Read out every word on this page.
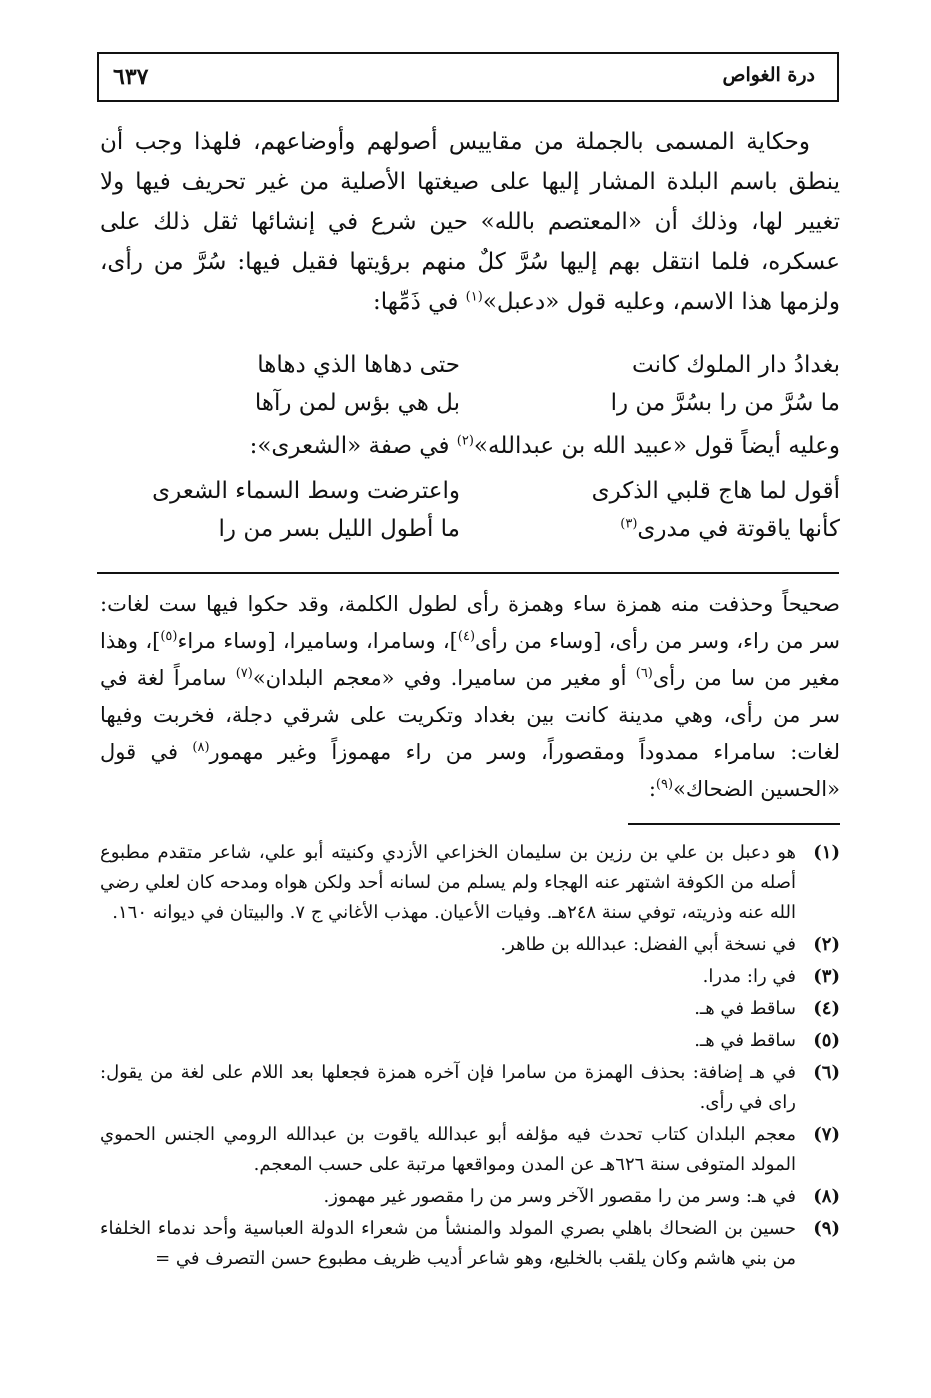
درة الغواص
٦٣٧

وحكاية المسمى بالجملة من مقاييس أصولهم وأوضاعهم، فلهذا وجب أن ينطق باسم البلدة المشار إليها على صيغتها الأصلية من غير تحريف فيها ولا تغيير لها، وذلك أن «المعتصم بالله» حين شرع في إنشائها ثقل ذلك على عسكره، فلما انتقل بهم إليها سُرَّ كلٌ منهم برؤيتها فقيل فيها: سُرَّ من رأى، ولزمها هذا الاسم، وعليه قول «دعبل»$^{(١)}$ في ذَمِّها:

بغدادُ دار الملوك كانت
حتى دهاها الذي دهاها
ما سُرَّ من را بسُرَّ من را
بل هي بؤس لمن رآها
وعليه أيضاً قول «عبيد الله بن عبدالله»$^{(٢)}$ في صفة «الشعرى»:
أقول لما هاج قلبي الذكرى
واعترضت وسط السماء الشعرى
كأنها ياقوتة في مدرى$^{(٣)}$
ما أطول الليل بسر من را

صحيحاً وحذفت منه همزة ساء وهمزة رأى لطول الكلمة، وقد حكوا فيها ست لغات: سر من راء، وسر من رأى، [وساء من رأى$^{(٤)}$]، وسامرا، وساميرا، [وساء مراء$^{(٥)}$]، وهذا مغير من سا من رأى$^{(٦)}$ أو مغير من ساميرا. وفي «معجم البلدان»$^{(٧)}$ سامراً لغة في سر من رأى، وهي مدينة كانت بين بغداد وتكريت على شرقي دجلة، فخربت وفيها لغات: سامراء ممدوداً ومقصوراً، وسر من راء مهموزاً وغير مهمور$^{(٨)}$ في قول «الحسين الضحاك»$^{(٩)}$:

(١)
هو دعبل بن علي بن رزين بن سليمان الخزاعي الأزدي وكنيته أبو علي، شاعر متقدم مطبوع أصله من الكوفة اشتهر عنه الهجاء ولم يسلم من لسانه أحد ولكن هواه ومدحه كان لعلي رضي الله عنه وذريته، توفي سنة ٢٤٨هـ. وفيات الأعيان. مهذب الأغاني ج ٧. والبيتان في ديوانه ١٦٠.
(٢)
في نسخة أبي الفضل: عبدالله بن طاهر.
(٣)
في را: مدرا.
(٤)
ساقط في هـ.
(٥)
ساقط في هـ.
(٦)
في هـ إضافة: بحذف الهمزة من سامرا فإن آخره همزة فجعلها بعد اللام على لغة من يقول: راى في رأى.
(٧)
معجم البلدان كتاب تحدث فيه مؤلفه أبو عبدالله ياقوت بن عبدالله الرومي الجنس الحموي المولد المتوفى سنة ٦٢٦هـ عن المدن ومواقعها مرتبة على حسب المعجم.
(٨)
في هـ: وسر من را مقصور الآخر وسر من را مقصور غير مهموز.
(٩)
حسين بن الضحاك باهلي بصري المولد والمنشأ من شعراء الدولة العباسية وأحد ندماء الخلفاء من بني هاشم وكان يلقب بالخليع، وهو شاعر أديب ظريف مطبوع حسن التصرف في =
